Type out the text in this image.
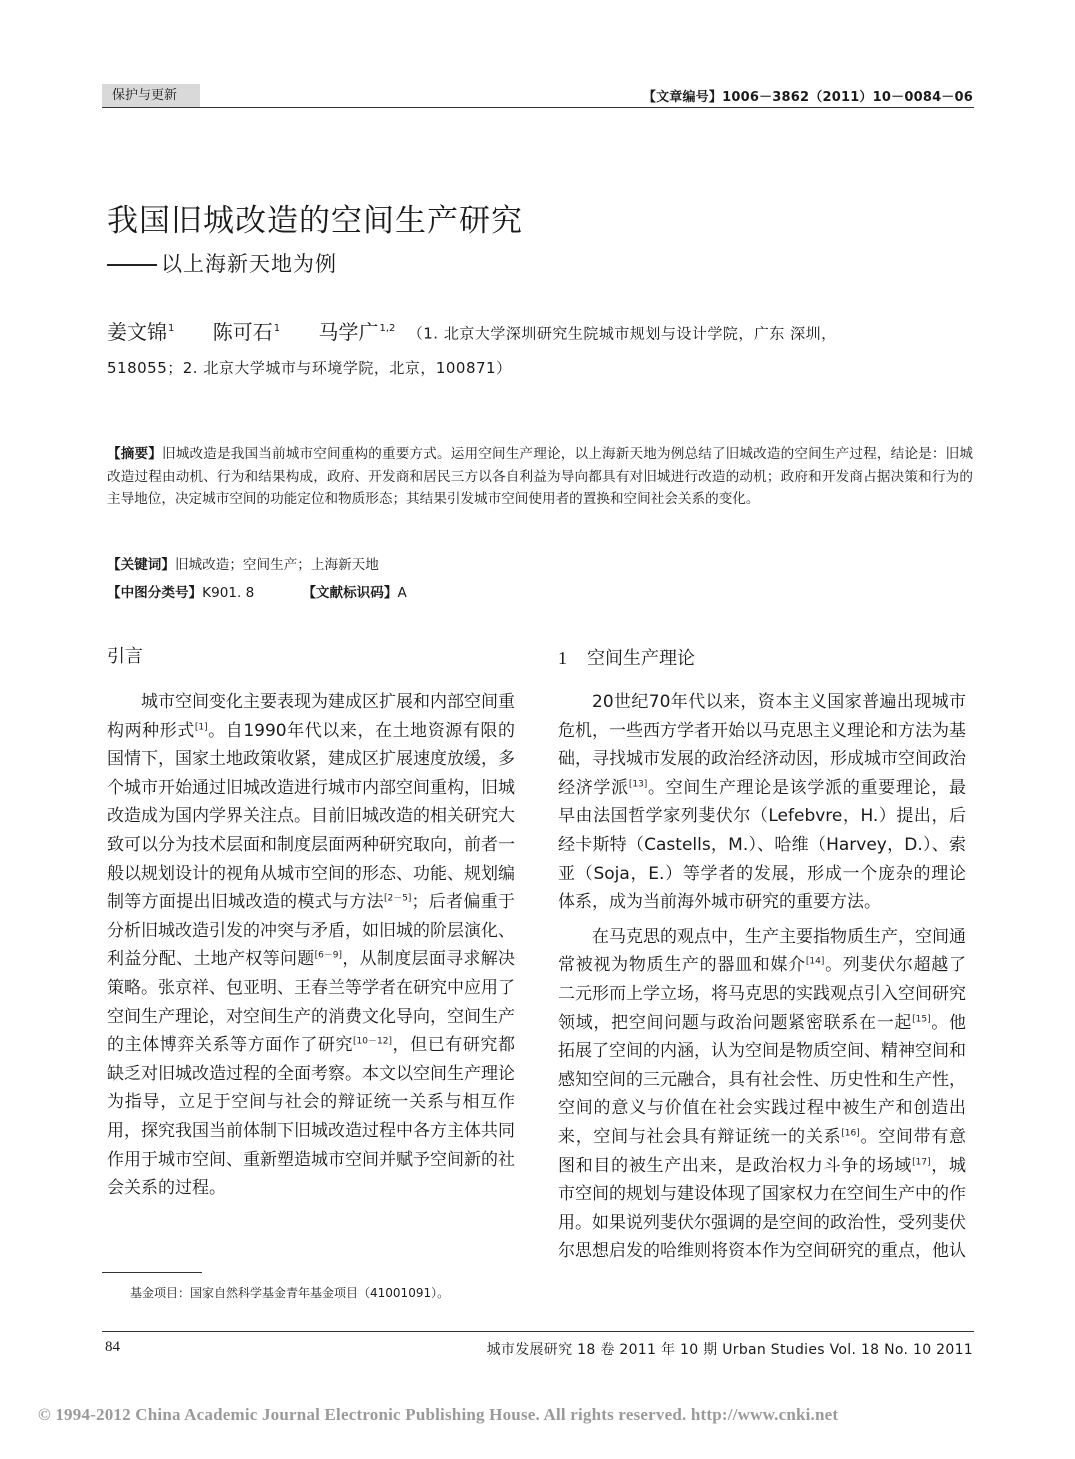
保护与更新	【文章编号】1006－3862（2011）10－0084－06
我国旧城改造的空间生产研究
以上海新天地为例
姜文锦$^1$ 陈可石$^1$ 马学广$^{1,2}$ （1. 北京大学深圳研究生院城市规划与设计学院，广东 深圳，
518055；2. 北京大学城市与环境学院，北京，100871）
【摘要】旧城改造是我国当前城市空间重构的重要方式。运用空间生产理论，以上海新天地为例总结了旧城改造的空间生产过程，结论是：旧城改造过程由动机、行为和结果构成，政府、开发商和居民三方以各自利益为导向都具有对旧城进行改造的动机；政府和开发商占据决策和行为的主导地位，决定城市空间的功能定位和物质形态；其结果引发城市空间使用者的置换和空间社会关系的变化。
【关键词】旧城改造；空间生产；上海新天地
【中图分类号】K901. 8	【文献标识码】A
引言

城市空间变化主要表现为建成区扩展和内部空间重构两种形式[1]。自1990年代以来，在土地资源有限的国情下，国家土地政策收紧，建成区扩展速度放缓，多个城市开始通过旧城改造进行城市内部空间重构，旧城改造成为国内学界关注点。目前旧城改造的相关研究大致可以分为技术层面和制度层面两种研究取向，前者一般以规划设计的视角从城市空间的形态、功能、规划编制等方面提出旧城改造的模式与方法[2－5]；后者偏重于分析旧城改造引发的冲突与矛盾，如旧城的阶层演化、利益分配、土地产权等问题[6－9]，从制度层面寻求解决策略。张京祥、包亚明、王春兰等学者在研究中应用了空间生产理论，对空间生产的消费文化导向，空间生产的主体博弈关系等方面作了研究[10－12]，但已有研究都缺乏对旧城改造过程的全面考察。本文以空间生产理论为指导，立足于空间与社会的辩证统一关系与相互作用，探究我国当前体制下旧城改造过程中各方主体共同作用于城市空间、重新塑造城市空间并赋予空间新的社会关系的过程。

1 空间生产理论

20世纪70年代以来，资本主义国家普遍出现城市危机，一些西方学者开始以马克思主义理论和方法为基础，寻找城市发展的政治经济动因，形成城市空间政治经济学派[13]。空间生产理论是该学派的重要理论，最早由法国哲学家列斐伏尔（Lefebvre，H.）提出，后经卡斯特（Castells，M.）、哈维（Harvey，D.）、索亚（Soja，E.）等学者的发展，形成一个庞杂的理论体系，成为当前海外城市研究的重要方法。

在马克思的观点中，生产主要指物质生产，空间通常被视为物质生产的器皿和媒介[14]。列斐伏尔超越了二元形而上学立场，将马克思的实践观点引入空间研究领域，把空间问题与政治问题紧密联系在一起[15]。他拓展了空间的内涵，认为空间是物质空间、精神空间和感知空间的三元融合，具有社会性、历史性和生产性，空间的意义与价值在社会实践过程中被生产和创造出来，空间与社会具有辩证统一的关系[16]。空间带有意图和目的被生产出来，是政治权力斗争的场域[17]，城市空间的规划与建设体现了国家权力在空间生产中的作用。如果说列斐伏尔强调的是空间的政治性，受列斐伏尔思想启发的哈维则将资本作为空间研究的重点，他认

基金项目：国家自然科学基金青年基金项目（41001091）。
84	城市发展研究 18 卷 2011 年 10 期 Urban Studies Vol. 18 No. 10 2011
© 1994-2012 China Academic Journal Electronic Publishing House. All rights reserved. http://www.cnki.net
